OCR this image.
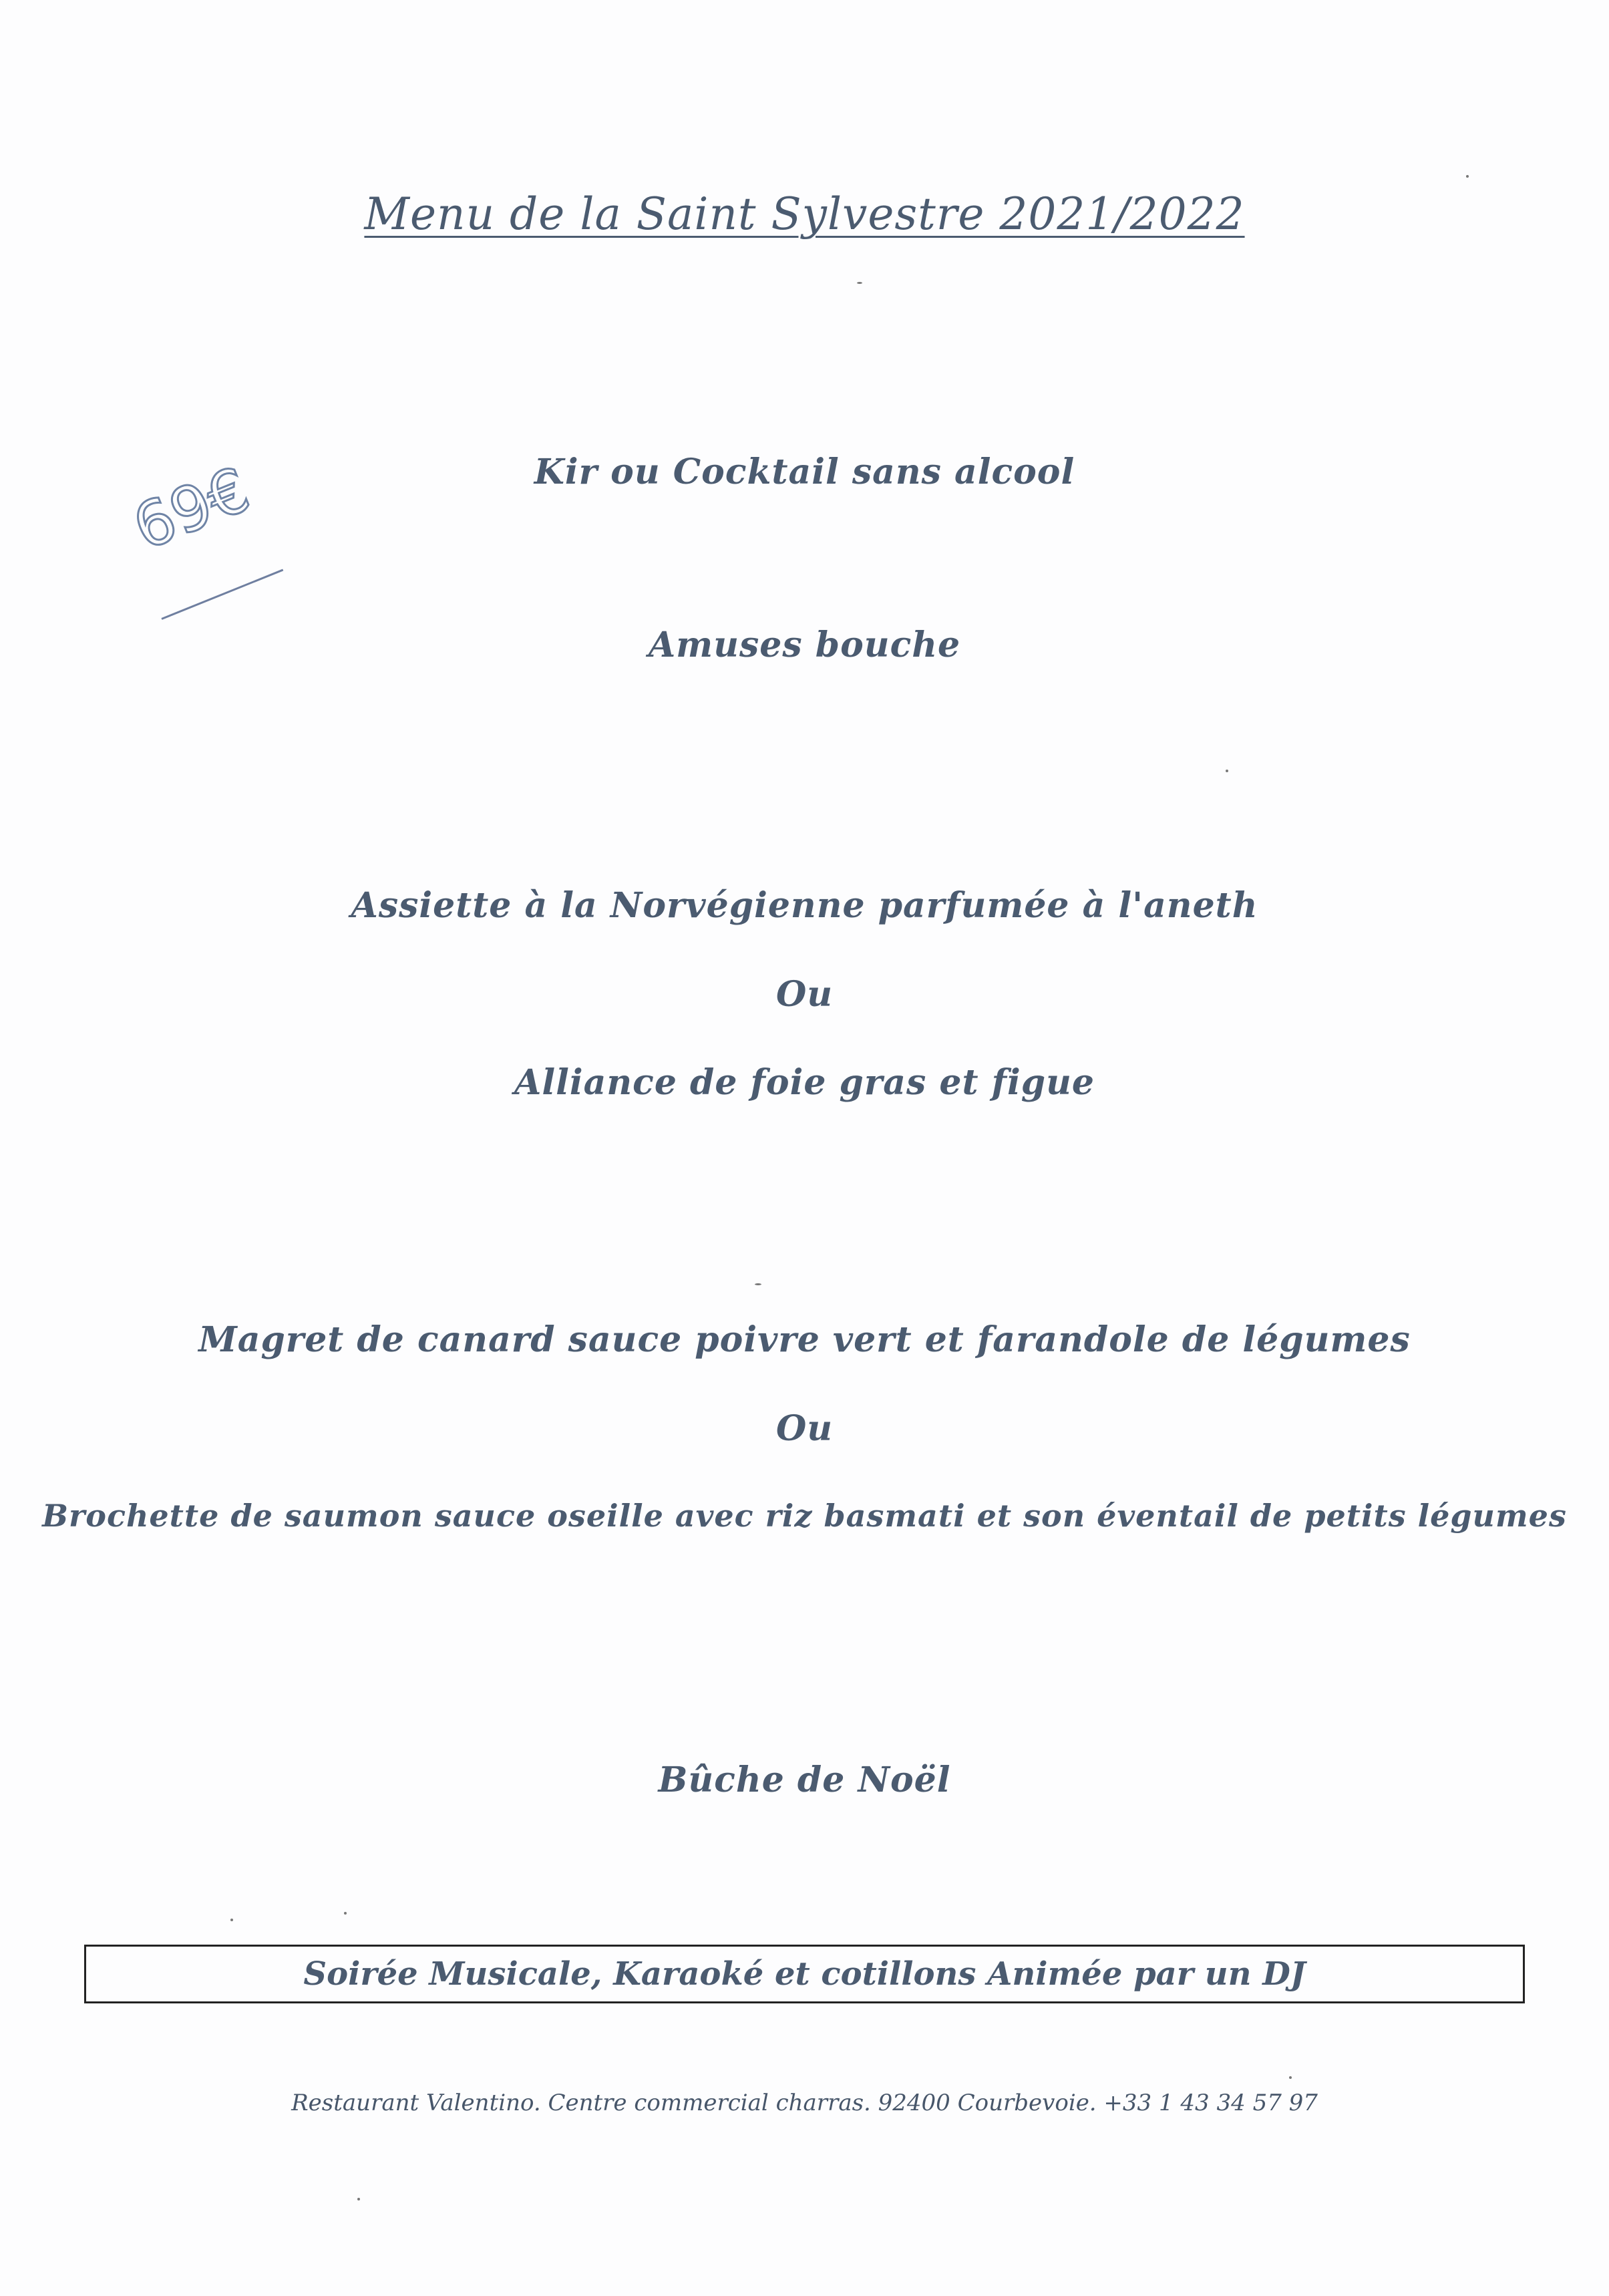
Menu de la Saint Sylvestre 2021/2022
69€	Kir ou Cocktail sans alcool
Amuses bouche
Assiette à la Norvégienne parfumée à l'aneth
Ou
Alliance de foie gras et figue
Magret de canard sauce poivre vert et farandole de légumes
Ou
Brochette de saumon sauce oseille avec riz basmati et son éventail de petits légumes
Bûche de Noël
Soirée Musicale, Karaoké et cotillons Animée par un DJ
Restaurant Valentino. Centre commercial charras. 92400 Courbevoie. +33 1 43 34 57 97
